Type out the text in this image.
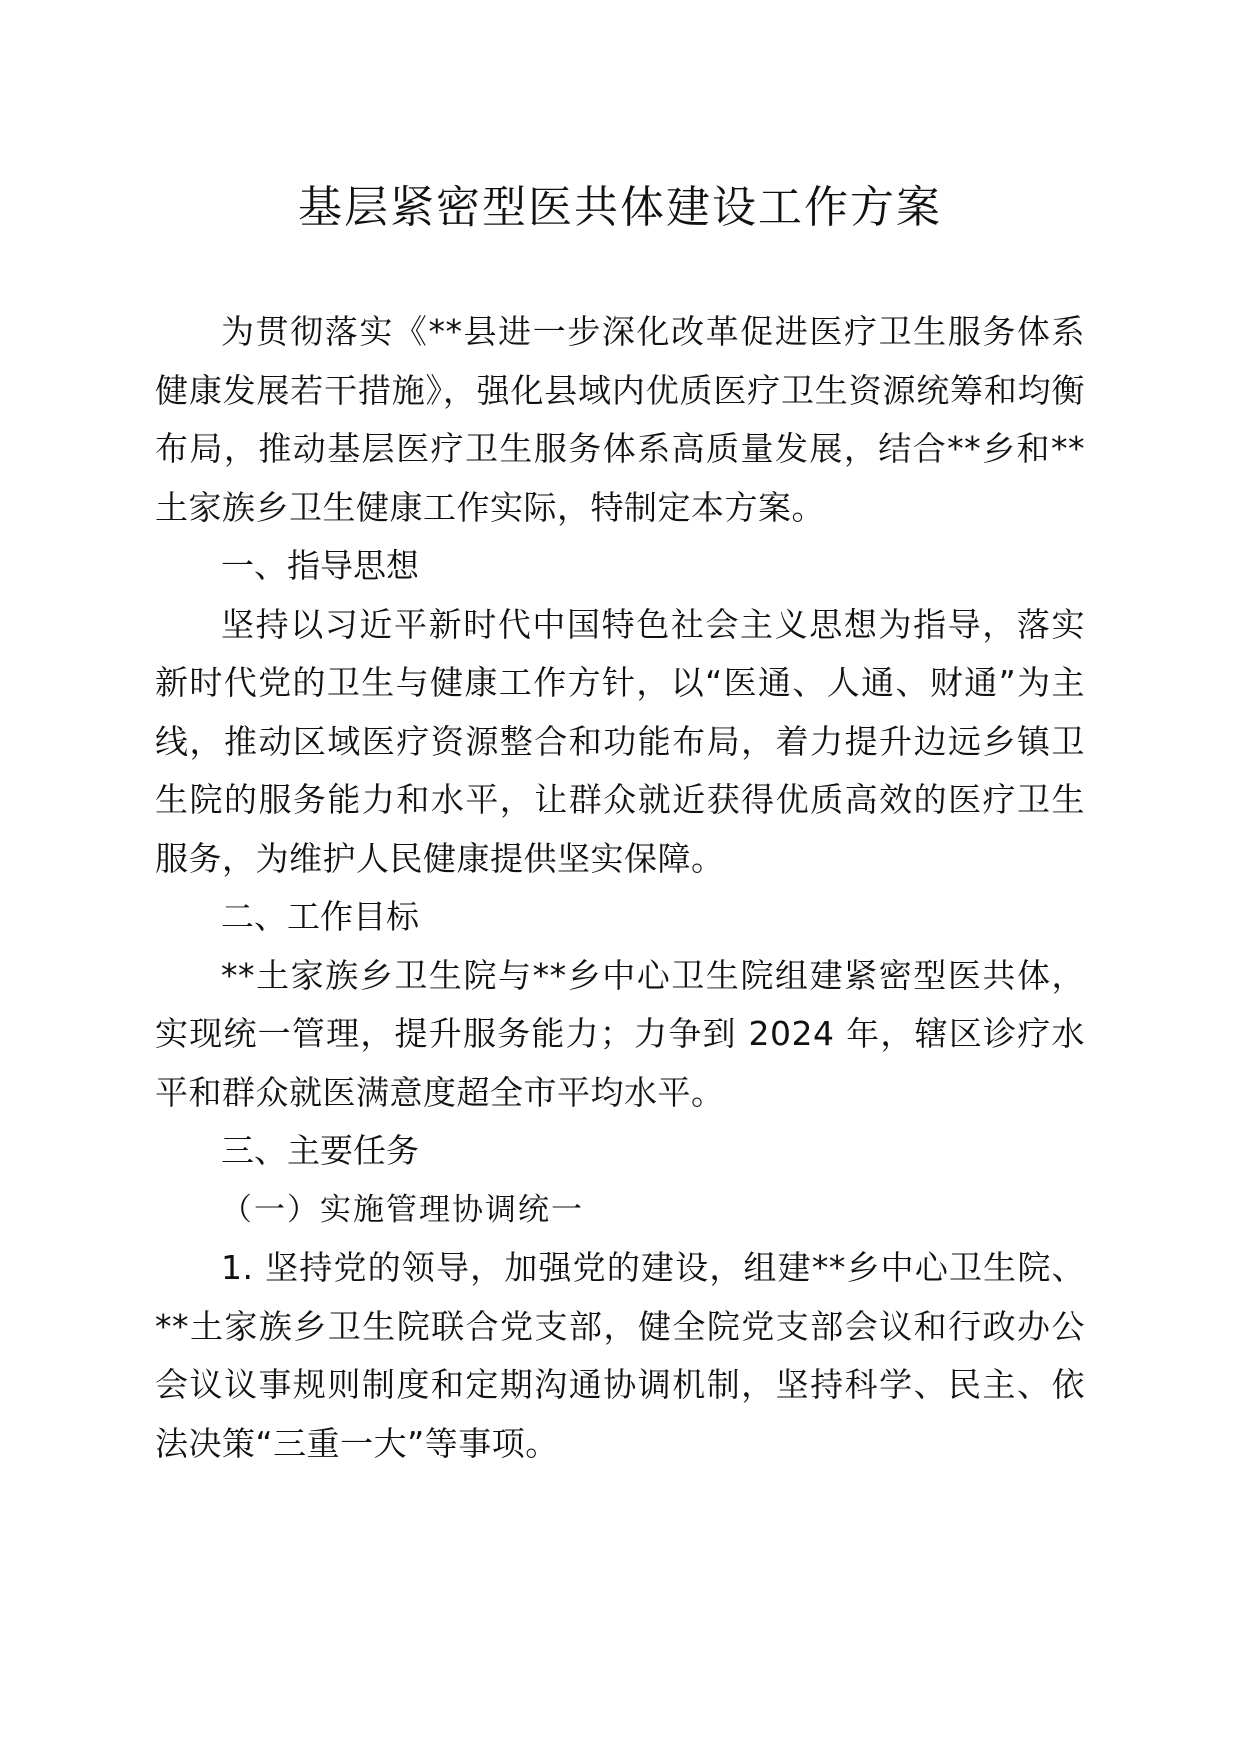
基层紧密型医共体建设工作方案

为贯彻落实《**县进一步深化改革促进医疗卫生服务体系健康发展若干措施》，强化县域内优质医疗卫生资源统筹和均衡布局，推动基层医疗卫生服务体系高质量发展，结合**乡和**土家族乡卫生健康工作实际，特制定本方案。

一、指导思想

坚持以习近平新时代中国特色社会主义思想为指导，落实新时代党的卫生与健康工作方针，以“医通、人通、财通”为主线，推动区域医疗资源整合和功能布局，着力提升边远乡镇卫生院的服务能力和水平，让群众就近获得优质高效的医疗卫生服务，为维护人民健康提供坚实保障。

二、工作目标

**土家族乡卫生院与**乡中心卫生院组建紧密型医共体，实现统一管理，提升服务能力；力争到 2024 年，辖区诊疗水平和群众就医满意度超全市平均水平。

三、主要任务

（一）实施管理协调统一

1. 坚持党的领导，加强党的建设，组建**乡中心卫生院、**土家族乡卫生院联合党支部，健全院党支部会议和行政办公会议议事规则制度和定期沟通协调机制，坚持科学、民主、依法决策“三重一大”等事项。
